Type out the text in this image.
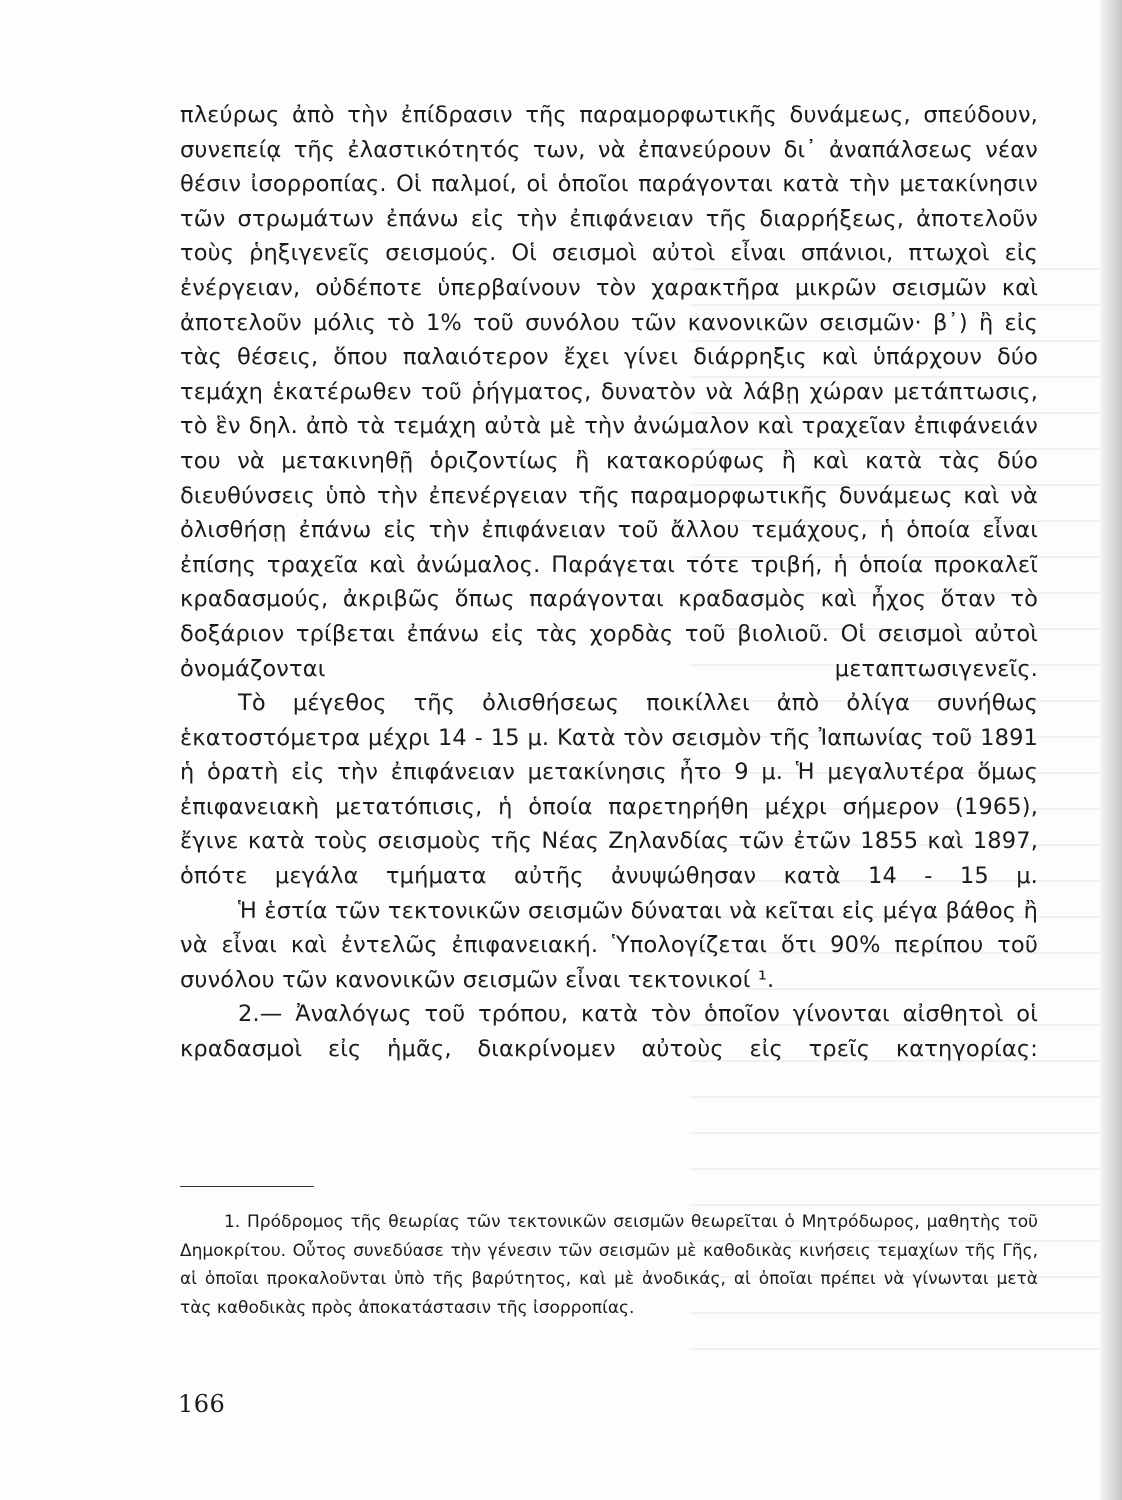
πλεύρως ἀπὸ τὴν ἐπίδρασιν τῆς παραμορφωτικῆς δυνάμεως, σπεύδουν, συνεπείᾳ τῆς ἐλαστικότητός των, νὰ ἐπανεύρουν δι᾽ ἀναπάλσεως νέαν θέσιν ἰσορροπίας. Οἱ παλμοί, οἱ ὁποῖοι παράγονται κατὰ τὴν μετακίνησιν τῶν στρωμάτων ἐπάνω εἰς τὴν ἐπιφάνειαν τῆς διαρρήξεως, ἀποτελοῦν τοὺς ῥηξιγενεῖς σεισμούς. Οἱ σεισμοὶ αὐτοὶ εἶναι σπάνιοι, πτωχοὶ εἰς ἐνέργειαν, οὐδέποτε ὑπερβαίνουν τὸν χαρακτῆρα μικρῶν σεισμῶν καὶ ἀποτελοῦν μόλις τὸ 1% τοῦ συνόλου τῶν κανονικῶν σεισμῶν· β᾽) ἢ εἰς τὰς θέσεις, ὅπου παλαιότερον ἔχει γίνει διάρρηξις καὶ ὑπάρχουν δύο τεμάχη ἑκατέρωθεν τοῦ ῥήγματος, δυνατὸν νὰ λάβῃ χώραν μετάπτωσις, τὸ ἓν δηλ. ἀπὸ τὰ τεμάχη αὐτὰ μὲ τὴν ἀνώμαλον καὶ τραχεῖαν ἐπιφάνειάν του νὰ μετακινηθῇ ὁριζοντίως ἢ κατακορύφως ἢ καὶ κατὰ τὰς δύο διευθύνσεις ὑπὸ τὴν ἐπενέργειαν τῆς παραμορφωτικῆς δυνάμεως καὶ νὰ ὀλισθήσῃ ἐπάνω εἰς τὴν ἐπιφάνειαν τοῦ ἄλλου τεμάχους, ἡ ὁποία εἶναι ἐπίσης τραχεῖα καὶ ἀνώμαλος. Παράγεται τότε τριβή, ἡ ὁποία προκαλεῖ κραδασμούς, ἀκριβῶς ὅπως παράγονται κραδασμὸς καὶ ἦχος ὅταν τὸ δοξάριον τρίβεται ἐπάνω εἰς τὰς χορδὰς τοῦ βιολιοῦ. Οἱ σεισμοὶ αὐτοὶ ὀνομάζονται μεταπτωσιγενεῖς.

Τὸ μέγεθος τῆς ὀλισθήσεως ποικίλλει ἀπὸ ὀλίγα συνήθως ἑκατοστόμετρα μέχρι 14 - 15 μ. Κατὰ τὸν σεισμὸν τῆς Ἰαπωνίας τοῦ 1891 ἡ ὁρατὴ εἰς τὴν ἐπιφάνειαν μετακίνησις ἦτο 9 μ. Ἡ μεγαλυτέρα ὅμως ἐπιφανειακὴ μετατόπισις, ἡ ὁποία παρετηρήθη μέχρι σήμερον (1965), ἔγινε κατὰ τοὺς σεισμοὺς τῆς Νέας Ζηλανδίας τῶν ἐτῶν 1855 καὶ 1897, ὁπότε μεγάλα τμήματα αὐτῆς ἀνυψώθησαν κατὰ 14 - 15 μ.

Ἡ ἑστία τῶν τεκτονικῶν σεισμῶν δύναται νὰ κεῖται εἰς μέγα βάθος ἢ νὰ εἶναι καὶ ἐντελῶς ἐπιφανειακή. Ὑπολογίζεται ὅτι 90% περίπου τοῦ συνόλου τῶν κανονικῶν σεισμῶν εἶναι τεκτονικοί ¹.

2.— Ἀναλόγως τοῦ τρόπου, κατὰ τὸν ὁποῖον γίνονται αἰσθητοὶ οἱ κραδασμοὶ εἰς ἡμᾶς, διακρίνομεν αὐτοὺς εἰς τρεῖς κατηγορίας:

1. Πρόδρομος τῆς θεωρίας τῶν τεκτονικῶν σεισμῶν θεωρεῖται ὁ Μητρόδωρος, μαθητὴς τοῦ Δημοκρίτου. Οὗτος συνεδύασε τὴν γένεσιν τῶν σεισμῶν μὲ καθοδικὰς κινήσεις τεμαχίων τῆς Γῆς, αἱ ὁποῖαι προκαλοῦνται ὑπὸ τῆς βαρύτητος, καὶ μὲ ἀνοδικάς, αἱ ὁποῖαι πρέπει νὰ γίνωνται μετὰ τὰς καθοδικὰς πρὸς ἀποκατάστασιν τῆς ἰσορροπίας.

166
